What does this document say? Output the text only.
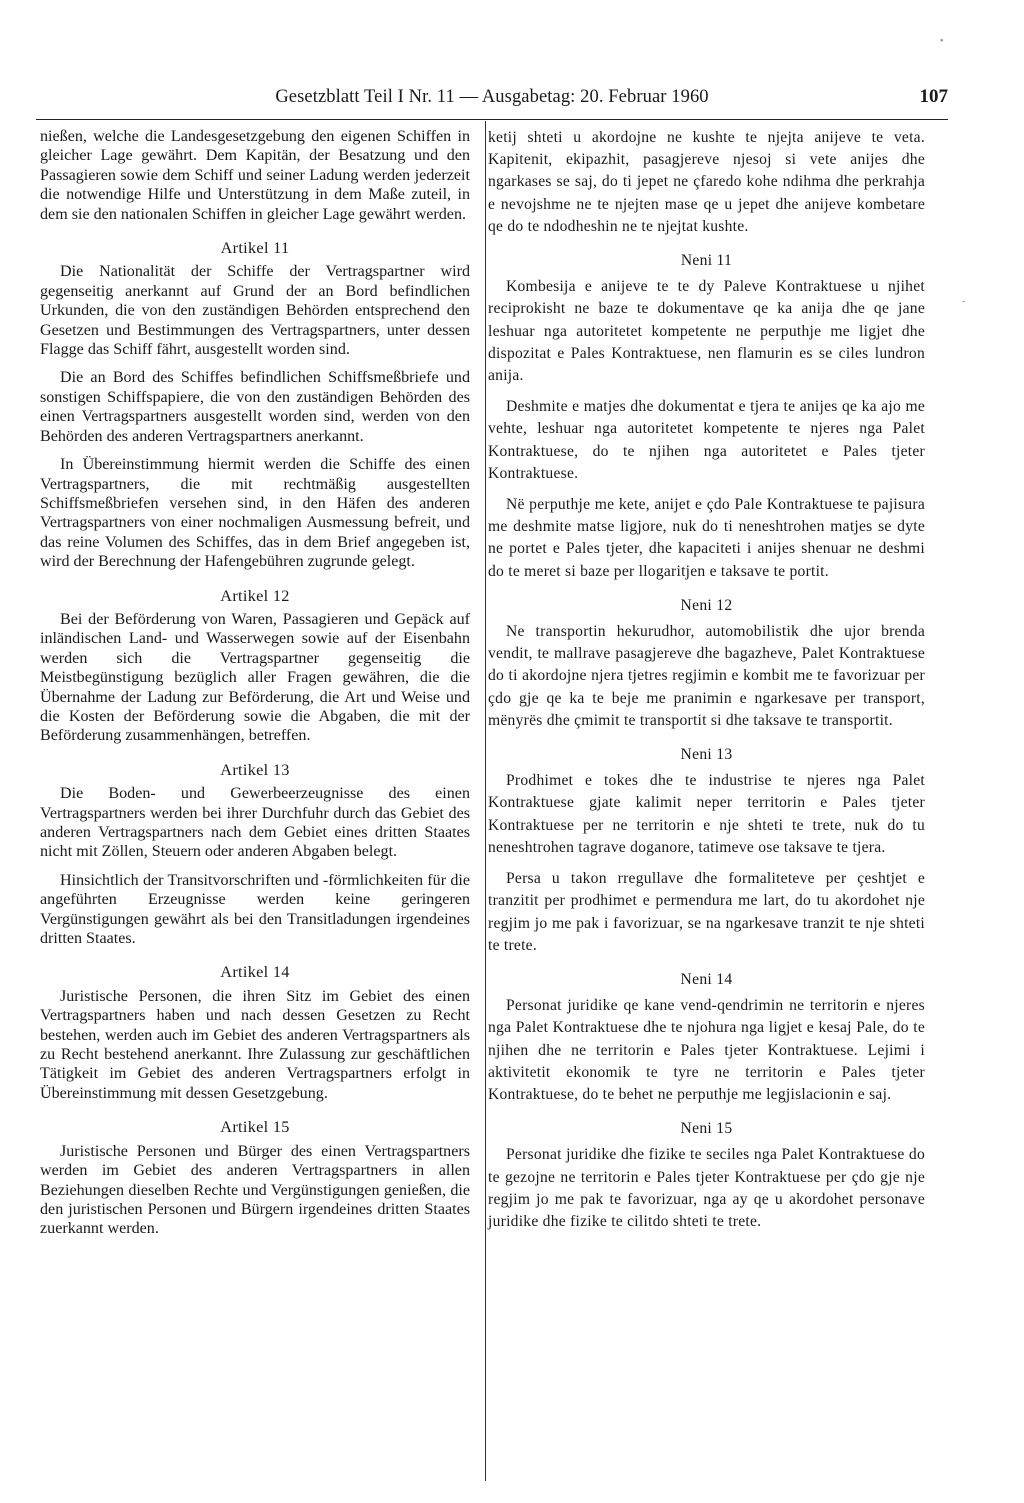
Gesetzblatt Teil I Nr. 11 — Ausgabetag: 20. Februar 1960	107

nießen, welche die Landesgesetzgebung den eigenen Schiffen in gleicher Lage gewährt. Dem Kapitän, der Besatzung und den Passagieren sowie dem Schiff und seiner Ladung werden jederzeit die notwendige Hilfe und Unterstützung in dem Maße zuteil, in dem sie den nationalen Schiffen in gleicher Lage gewährt werden.

Artikel 11

Die Nationalität der Schiffe der Vertragspartner wird gegenseitig anerkannt auf Grund der an Bord befindlichen Urkunden, die von den zuständigen Behörden entsprechend den Gesetzen und Bestimmungen des Vertragspartners, unter dessen Flagge das Schiff fährt, ausgestellt worden sind.

Die an Bord des Schiffes befindlichen Schiffsmeßbriefe und sonstigen Schiffspapiere, die von den zuständigen Behörden des einen Vertragspartners ausgestellt worden sind, werden von den Behörden des anderen Vertragspartners anerkannt.

In Übereinstimmung hiermit werden die Schiffe des einen Vertragspartners, die mit rechtmäßig ausgestellten Schiffsmeßbriefen versehen sind, in den Häfen des anderen Vertragspartners von einer nochmaligen Ausmessung befreit, und das reine Volumen des Schiffes, das in dem Brief angegeben ist, wird der Berechnung der Hafengebühren zugrunde gelegt.

Artikel 12

Bei der Beförderung von Waren, Passagieren und Gepäck auf inländischen Land- und Wasserwegen sowie auf der Eisenbahn werden sich die Vertragspartner gegenseitig die Meistbegünstigung bezüglich aller Fragen gewähren, die die Übernahme der Ladung zur Beförderung, die Art und Weise und die Kosten der Beförderung sowie die Abgaben, die mit der Beförderung zusammenhängen, betreffen.

Artikel 13

Die Boden- und Gewerbeerzeugnisse des einen Vertragspartners werden bei ihrer Durchfuhr durch das Gebiet des anderen Vertragspartners nach dem Gebiet eines dritten Staates nicht mit Zöllen, Steuern oder anderen Abgaben belegt.

Hinsichtlich der Transitvorschriften und -förmlichkeiten für die angeführten Erzeugnisse werden keine geringeren Vergünstigungen gewährt als bei den Transitladungen irgendeines dritten Staates.

Artikel 14

Juristische Personen, die ihren Sitz im Gebiet des einen Vertragspartners haben und nach dessen Gesetzen zu Recht bestehen, werden auch im Gebiet des anderen Vertragspartners als zu Recht bestehend anerkannt. Ihre Zulassung zur geschäftlichen Tätigkeit im Gebiet des anderen Vertragspartners erfolgt in Übereinstimmung mit dessen Gesetzgebung.

Artikel 15

Juristische Personen und Bürger des einen Vertragspartners werden im Gebiet des anderen Vertragspartners in allen Beziehungen dieselben Rechte und Vergünstigungen genießen, die den juristischen Personen und Bürgern irgendeines dritten Staates zuerkannt werden.

ketij shteti u akordojne ne kushte te njejta anijeve te veta. Kapitenit, ekipazhit, pasagjereve njesoj si vete anijes dhe ngarkases se saj, do ti jepet ne çfaredo kohe ndihma dhe perkrahja e nevojshme ne te njejten mase qe u jepet dhe anijeve kombetare qe do te ndodheshin ne te njejtat kushte.

Neni 11

Kombesija e anijeve te te dy Paleve Kontraktuese u njihet reciprokisht ne baze te dokumentave qe ka anija dhe qe jane leshuar nga autoritetet kompetente ne perputhje me ligjet dhe dispozitat e Pales Kontraktuese, nen flamurin es se ciles lundron anija.

Deshmite e matjes dhe dokumentat e tjera te anijes qe ka ajo me vehte, leshuar nga autoritetet kompetente te njeres nga Palet Kontraktuese, do te njihen nga autoritetet e Pales tjeter Kontraktuese.

Në perputhje me kete, anijet e çdo Pale Kontraktuese te pajisura me deshmite matse ligjore, nuk do ti neneshtrohen matjes se dyte ne portet e Pales tjeter, dhe kapaciteti i anijes shenuar ne deshmi do te meret si baze per llogaritjen e taksave te portit.

Neni 12

Ne transportin hekurudhor, automobilistik dhe ujor brenda vendit, te mallrave pasagjereve dhe bagazheve, Palet Kontraktuese do ti akordojne njera tjetres regjimin e kombit me te favorizuar per çdo gje qe ka te beje me pranimin e ngarkesave per transport, mënyrës dhe çmimit te transportit si dhe taksave te transportit.

Neni 13

Prodhimet e tokes dhe te industrise te njeres nga Palet Kontraktuese gjate kalimit neper territorin e Pales tjeter Kontraktuese per ne territorin e nje shteti te trete, nuk do tu neneshtrohen tagrave doganore, tatimeve ose taksave te tjera.

Persa u takon rregullave dhe formaliteteve per çeshtjet e tranzitit per prodhimet e permendura me lart, do tu akordohet nje regjim jo me pak i favorizuar, se na ngarkesave tranzit te nje shteti te trete.

Neni 14

Personat juridike qe kane vend-qendrimin ne territorin e njeres nga Palet Kontraktuese dhe te njohura nga ligjet e kesaj Pale, do te njihen dhe ne territorin e Pales tjeter Kontraktuese. Lejimi i aktivitetit ekonomik te tyre ne territorin e Pales tjeter Kontraktuese, do te behet ne perputhje me legjislacionin e saj.

Neni 15

Personat juridike dhe fizike te seciles nga Palet Kontraktuese do te gezojne ne territorin e Pales tjeter Kontraktuese per çdo gje nje regjim jo me pak te favorizuar, nga ay qe u akordohet personave juridike dhe fizike te cilitdo shteti te trete.

•
-
